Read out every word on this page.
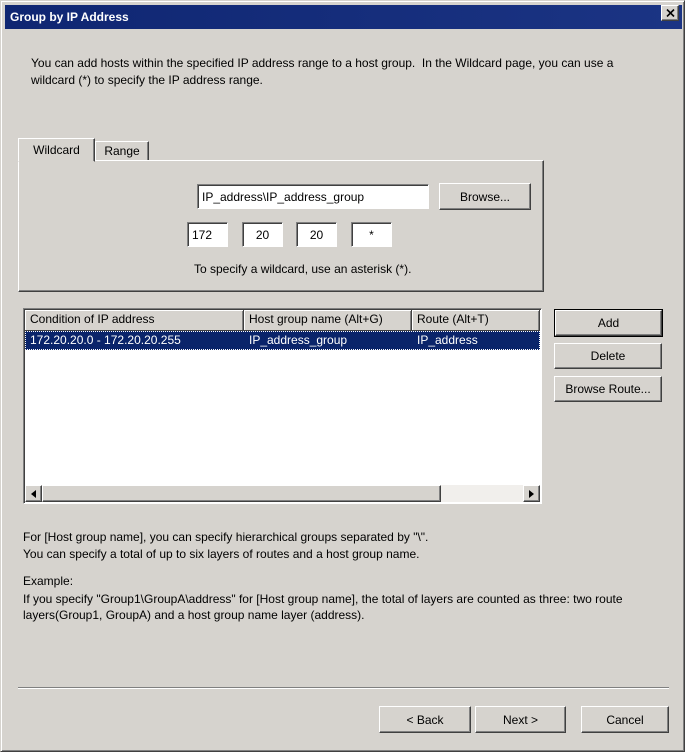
Group by IP Address
You can add hosts within the specified IP address range to a host group.  In the Wildcard page, you can use a wildcard (*) to specify the IP address range.
Wildcard Range
IP_address\IP_address_group
Browse...
172
20
20
*
To specify a wildcard, use an asterisk (*).
Condition of IP address	Host group name (Alt+G)	Route (Alt+T)
172.20.20.0 - 172.20.20.255	IP_address_group	IP_address
Add
Delete
Browse Route...
For [Host group name], you can specify hierarchical groups separated by "\".
You can specify a total of up to six layers of routes and a host group name.
Example:
If you specify "Group1\GroupA\address" for [Host group name], the total of layers are counted as three: two route layers(Group1, GroupA) and a host group name layer (address).
< Back	Next >	Cancel
